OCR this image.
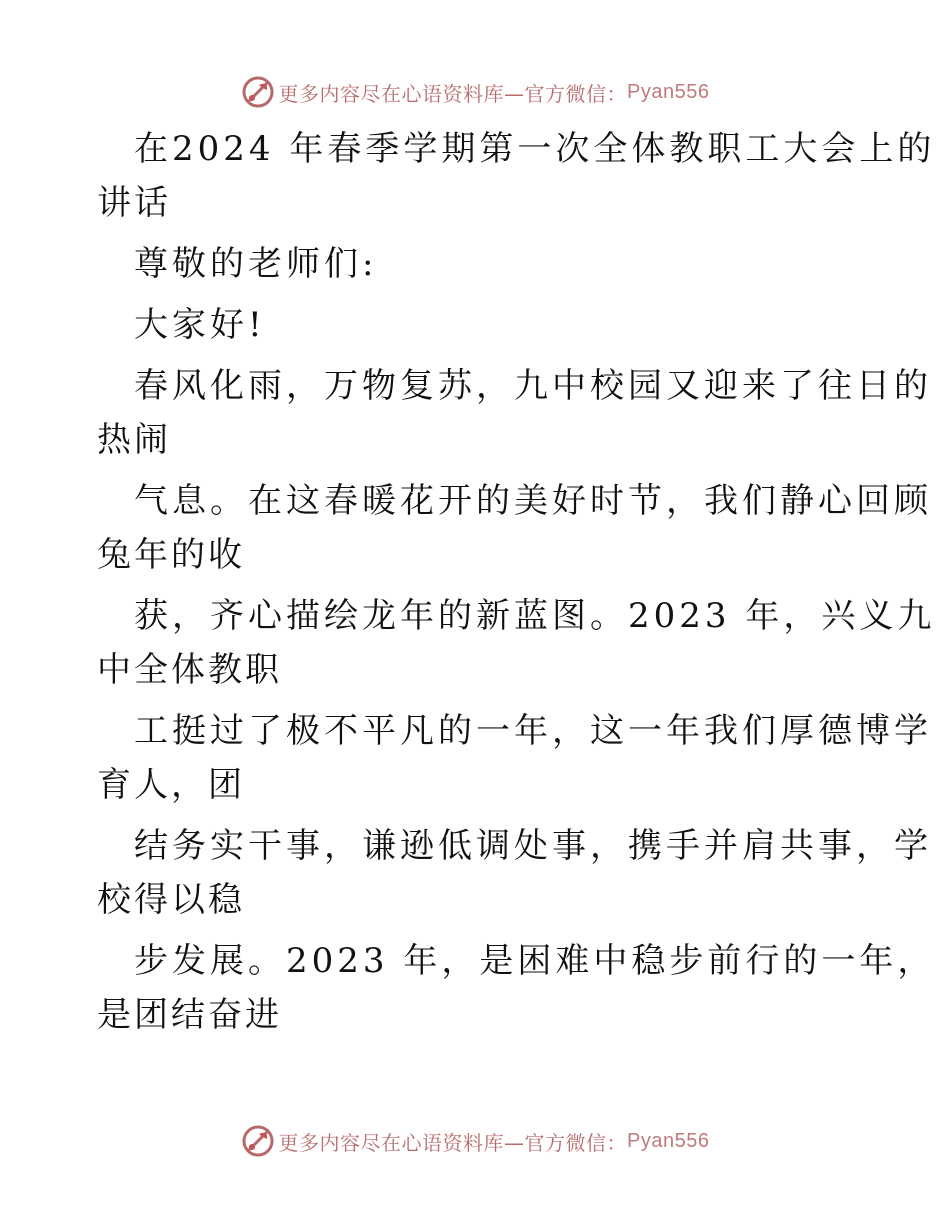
更多内容尽在心语资料库—官方微信： Pyan556
在2024 年春季学期第一次全体教职工大会上的
讲话
尊敬的老师们:
大家好!
春风化雨，万物复苏，九中校园又迎来了往日的
热闹
气息。在这春暖花开的美好时节，我们静心回顾
兔年的收
获，齐心描绘龙年的新蓝图。2023 年，兴义九
中全体教职
工挺过了极不平凡的一年，这一年我们厚德博学
育人，团
结务实干事，谦逊低调处事，携手并肩共事，学
校得以稳
步发展。2023 年，是困难中稳步前行的一年，
是团结奋进
更多内容尽在心语资料库—官方微信： Pyan556
